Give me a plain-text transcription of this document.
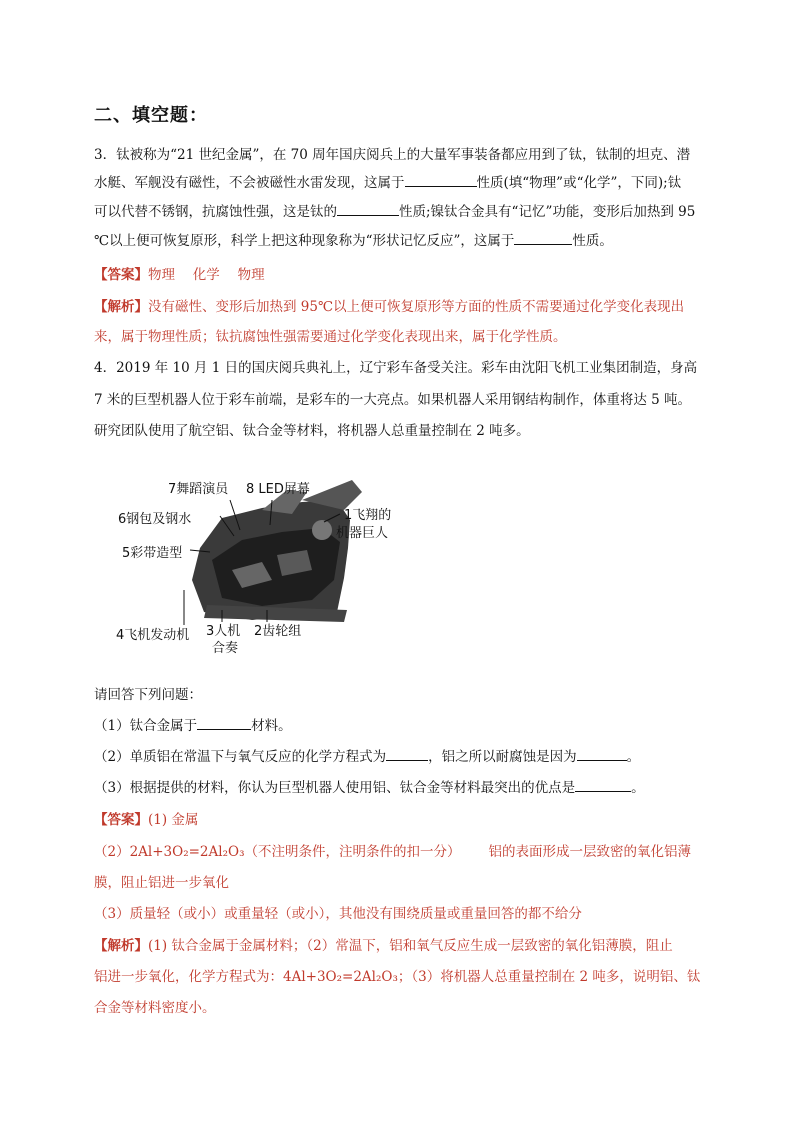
二、填空题：
3．钛被称为“21 世纪金属”，在 70 周年国庆阅兵上的大量军事装备都应用到了钛，钛制的坦克、潜
水艇、军舰没有磁性，不会被磁性水雷发现，这属于	性质(填“物理”或“化学”，下同);钛
可以代替不锈钢，抗腐蚀性强，这是钛的	性质;镍钛合金具有“记忆”功能，变形后加热到 95
℃以上便可恢复原形，科学上把这种现象称为“形状记忆反应”，这属于	性质。
【答案】物理　 化学　 物理
【解析】没有磁性、变形后加热到 95℃以上便可恢复原形等方面的性质不需要通过化学变化表现出
来，属于物理性质；钛抗腐蚀性强需要通过化学变化表现出来，属于化学性质。
4．2019 年 10 月 1 日的国庆阅兵典礼上，辽宁彩车备受关注。彩车由沈阳飞机工业集团制造，身高
7 米的巨型机器人位于彩车前端，是彩车的一大亮点。如果机器人采用钢结构制作，体重将达 5 吨。
研究团队使用了航空铝、钛合金等材料，将机器人总重量控制在 2 吨多。
7舞蹈演员 8 LED屏幕
1飞翔的
机器巨人
6钢包及钢水
5彩带造型
4飞机发动机 3人机
合奏
2齿轮组
请回答下列问题：
（1）钛合金属于	材料。
（2）单质铝在常温下与氧气反应的化学方程式为	，铝之所以耐腐蚀是因为	。
（3）根据提供的材料，你认为巨型机器人使用铝、钛合金等材料最突出的优点是	。
【答案】(1) 金属
（2）2Al+3O₂=2Al₂O₃（不注明条件，注明条件的扣一分） 铝的表面形成一层致密的氧化铝薄
膜，阻止铝进一步氧化
（3）质量轻（或小）或重量轻（或小），其他没有围绕质量或重量回答的都不给分
【解析】(1) 钛合金属于金属材料；（2）常温下，铝和氧气反应生成一层致密的氧化铝薄膜，阻止
铝进一步氧化，化学方程式为：4Al+3O₂=2Al₂O₃；（3）将机器人总重量控制在 2 吨多，说明铝、钛
合金等材料密度小。
